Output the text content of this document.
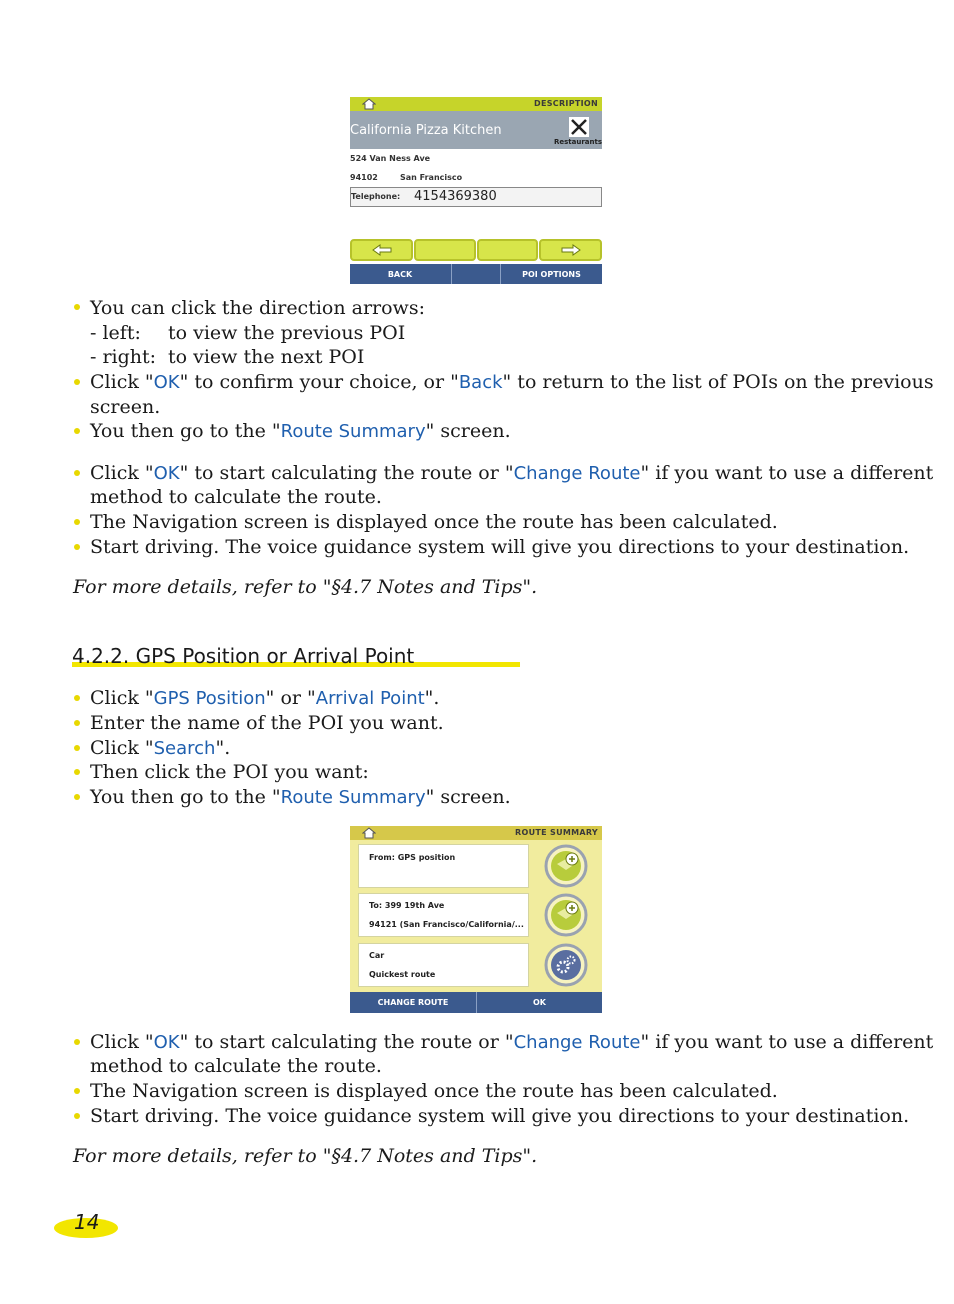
DESCRIPTION
California Pizza Kitchen
Restaurants
524 Van Ness Ave
94102	San Francisco
Telephone: 4154369380
BACK	POI OPTIONS
You can click the direction arrows:
- left: to view the previous POI
- right: to view the next POI
Click "OK" to confirm your choice, or "Back" to return to the list of POIs on the previous
screen.
You then go to the "Route Summary" screen.
Click "OK" to start calculating the route or "Change Route" if you want to use a different
method to calculate the route.
The Navigation screen is displayed once the route has been calculated.
Start driving. The voice guidance system will give you directions to your destination.
For more details, refer to "§4.7 Notes and Tips".
4.2.2. GPS Position or Arrival Point
Click "GPS Position" or "Arrival Point".
Enter the name of the POI you want.
Click "Search".
Then click the POI you want:
You then go to the "Route Summary" screen.
ROUTE SUMMARY
From: GPS position
To: 399 19th Ave
94121 (San Francisco/California/...
Car
Quickest route
CHANGE ROUTE	OK
Click "OK" to start calculating the route or "Change Route" if you want to use a different
method to calculate the route.
The Navigation screen is displayed once the route has been calculated.
Start driving. The voice guidance system will give you directions to your destination.
For more details, refer to "§4.7 Notes and Tips".
14
